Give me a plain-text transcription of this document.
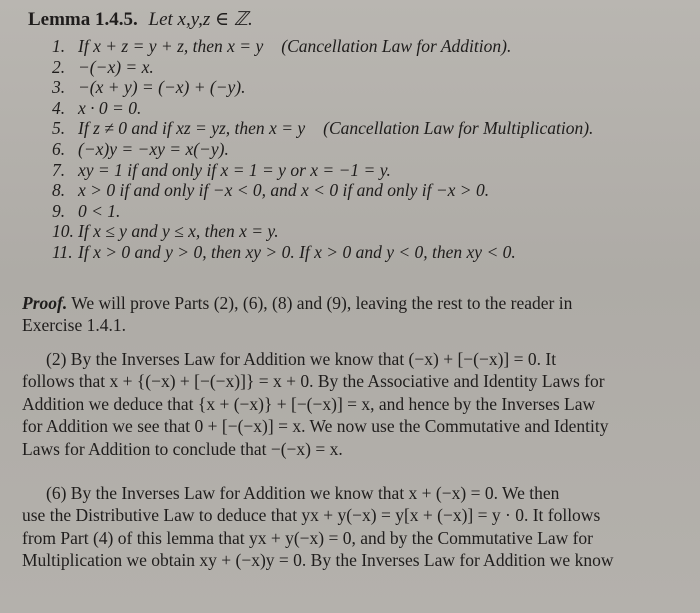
Lemma 1.4.5. Let x,y,z ∈ ℤ.
1. If x + z = y + z, then x = y (Cancellation Law for Addition).
2. −(−x) = x.
3. −(x + y) = (−x) + (−y).
4. x · 0 = 0.
5. If z ≠ 0 and if xz = yz, then x = y (Cancellation Law for Multiplication).
6. (−x)y = −xy = x(−y).
7. xy = 1 if and only if x = 1 = y or x = −1 = y.
8. x > 0 if and only if −x < 0, and x < 0 if and only if −x > 0.
9. 0 < 1.
10. If x ≤ y and y ≤ x, then x = y.
11. If x > 0 and y > 0, then xy > 0. If x > 0 and y < 0, then xy < 0.
Proof. We will prove Parts (2), (6), (8) and (9), leaving the rest to the reader in
Exercise 1.4.1.
(2) By the Inverses Law for Addition we know that (−x) + [−(−x)] = 0. It
follows that x + {(−x) + [−(−x)]} = x + 0. By the Associative and Identity Laws for
Addition we deduce that {x + (−x)} + [−(−x)] = x, and hence by the Inverses Law
for Addition we see that 0 + [−(−x)] = x. We now use the Commutative and Identity
Laws for Addition to conclude that −(−x) = x.
(6) By the Inverses Law for Addition we know that x + (−x) = 0. We then
use the Distributive Law to deduce that yx + y(−x) = y[x + (−x)] = y · 0. It follows
from Part (4) of this lemma that yx + y(−x) = 0, and by the Commutative Law for
Multiplication we obtain xy + (−x)y = 0. By the Inverses Law for Addition we know
